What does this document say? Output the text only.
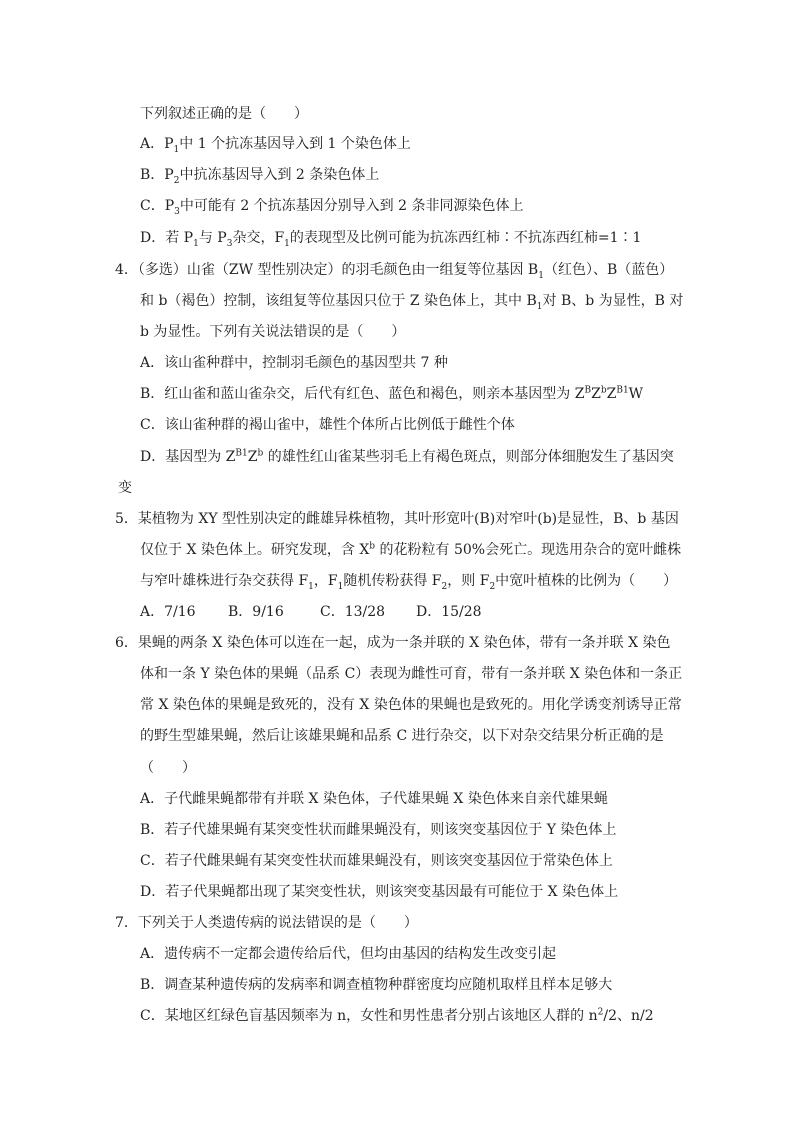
下列叙述正确的是（　　）
A．$P_1$中 1 个抗冻基因导入到 1 个染色体上
B．$P_2$中抗冻基因导入到 2 条染色体上
C．$P_3$中可能有 2 个抗冻基因分别导入到 2 条非同源染色体上
D．若 $P_1$与 $P_3$杂交，$F_1$的表现型及比例可能为抗冻西红柿∶不抗冻西红柿=1∶1
4．（多选）山雀（ZW 型性别决定）的羽毛颜色由一组复等位基因 $B_1$（红色）、B（蓝色）
和 b（褐色）控制，该组复等位基因只位于 Z 染色体上，其中 $B_1$对 B、b 为显性，B 对
b 为显性。下列有关说法错误的是（　　）
A．该山雀种群中，控制羽毛颜色的基因型共 7 种
B．红山雀和蓝山雀杂交，后代有红色、蓝色和褐色，则亲本基因型为 $Z^BZ^bZ^{B1}W$
C．该山雀种群的褐山雀中，雄性个体所占比例低于雌性个体
D．基因型为 $Z^{B1}Z^b$ 的雄性红山雀某些羽毛上有褐色斑点，则部分体细胞发生了基因突
变
5．某植物为 XY 型性别决定的雌雄异株植物，其叶形宽叶(B)对窄叶(b)是显性，B、b 基因
仅位于 X 染色体上。研究发现，含 $X^b$ 的花粉粒有 50%会死亡。现选用杂合的宽叶雌株
与窄叶雄株进行杂交获得 $F_1$，$F_1$随机传粉获得 $F_2$，则 $F_2$中宽叶植株的比例为（　　）
A．7/16 B．9/16	C．13/28 D．15/28
6．果蝇的两条 X 染色体可以连在一起，成为一条并联的 X 染色体，带有一条并联 X 染色
体和一条 Y 染色体的果蝇（品系 C）表现为雌性可育，带有一条并联 X 染色体和一条正
常 X 染色体的果蝇是致死的，没有 X 染色体的果蝇也是致死的。用化学诱变剂诱导正常
的野生型雄果蝇，然后让该雄果蝇和品系 C 进行杂交，以下对杂交结果分析正确的是
（　　）
A．子代雌果蝇都带有并联 X 染色体，子代雄果蝇 X 染色体来自亲代雄果蝇
B．若子代雄果蝇有某突变性状而雌果蝇没有，则该突变基因位于 Y 染色体上
C．若子代雌果蝇有某突变性状而雄果蝇没有，则该突变基因位于常染色体上
D．若子代果蝇都出现了某突变性状，则该突变基因最有可能位于 X 染色体上
7．下列关于人类遗传病的说法错误的是（　　）
A．遗传病不一定都会遗传给后代，但均由基因的结构发生改变引起
B．调查某种遗传病的发病率和调查植物种群密度均应随机取样且样本足够大
C．某地区红绿色盲基因频率为 n，女性和男性患者分别占该地区人群的 $n^2/2$、n/2
